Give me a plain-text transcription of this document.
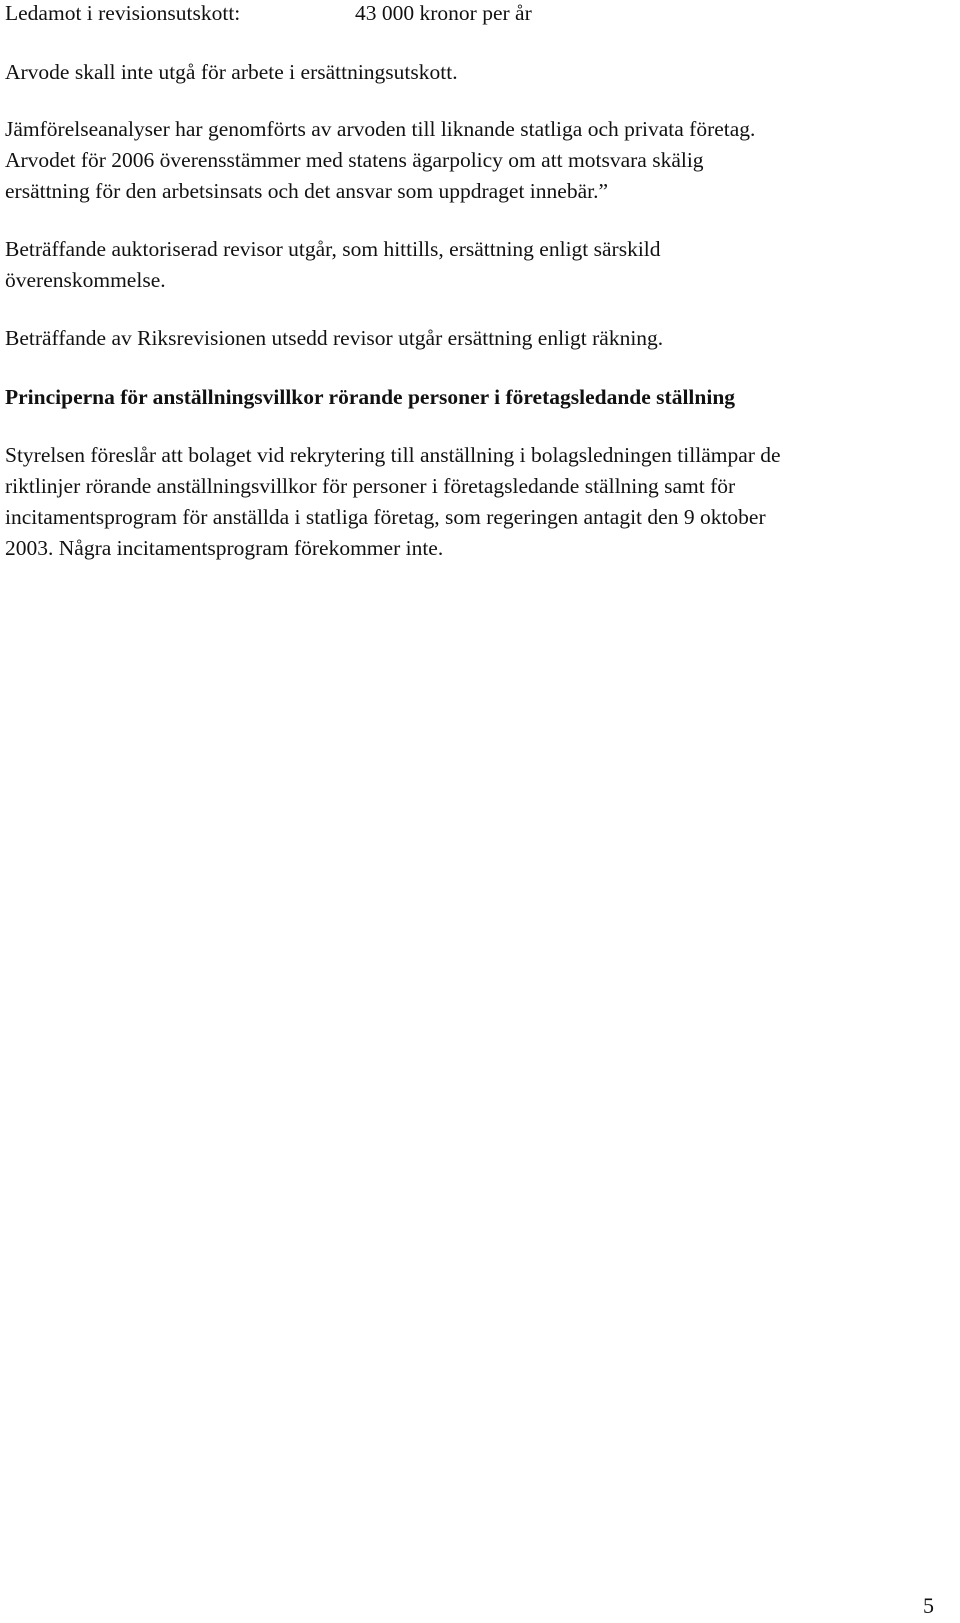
Ledamot i revisionsutskott:	43 000 kronor per år

Arvode skall inte utgå för arbete i ersättningsutskott.

Jämförelseanalyser har genomförts av arvoden till liknande statliga och privata företag.

Arvodet för 2006 överensstämmer med statens ägarpolicy om att motsvara skälig

ersättning för den arbetsinsats och det ansvar som uppdraget innebär.”

Beträffande auktoriserad revisor utgår, som hittills, ersättning enligt särskild

överenskommelse.

Beträffande av Riksrevisionen utsedd revisor utgår ersättning enligt räkning.

Principerna för anställningsvillkor rörande personer i företagsledande ställning

Styrelsen föreslår att bolaget vid rekrytering till anställning i bolagsledningen tillämpar de

riktlinjer rörande anställningsvillkor för personer i företagsledande ställning samt för

incitamentsprogram för anställda i statliga företag, som regeringen antagit den 9 oktober

2003. Några incitamentsprogram förekommer inte.

5
